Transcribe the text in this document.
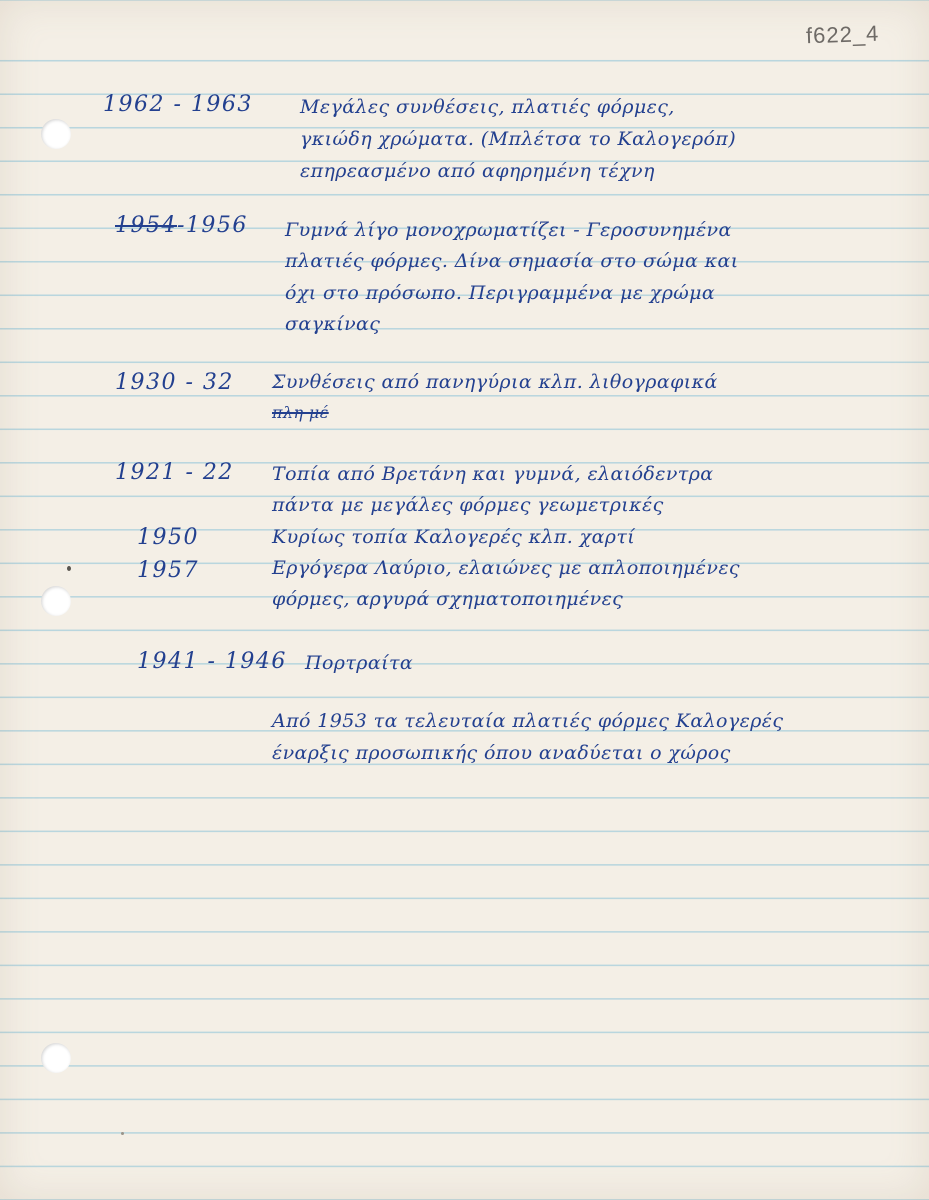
f622_4
1962 - 1963 Μεγάλες συνθέσεις, πλατιές φόρμες,
γκιώδη χρώματα. (Μπλέτσα το Καλογερόπ)
επηρεασμένο από αφηρημένη τέχνη
1954-1956 Γυμνά λίγο μονοχρωματίζει - Γεροσυνημένα
πλατιές φόρμες. Δίνα σημασία στο σώμα και
όχι στο πρόσωπο. Περιγραμμένα με χρώμα
σαγκίνας
1930 - 32 Συνθέσεις από πανηγύρια κλπ. λιθογραφικά
πλη μέ
1921 - 22 Τοπία από Βρετάνη και γυμνά, ελαιόδεντρα
πάντα με μεγάλες φόρμες γεωμετρικές
1950	Κυρίως τοπία Καλογερές κλπ. χαρτί
1957	Εργόγερα Λαύριο, ελαιώνες με απλοποιημένες
φόρμες, αργυρά σχηματοποιημένες
1941 - 1946 Πορτραίτα
Από 1953 τα τελευταία πλατιές φόρμες Καλογερές
έναρξις προσωπικής όπου αναδύεται ο χώρος
